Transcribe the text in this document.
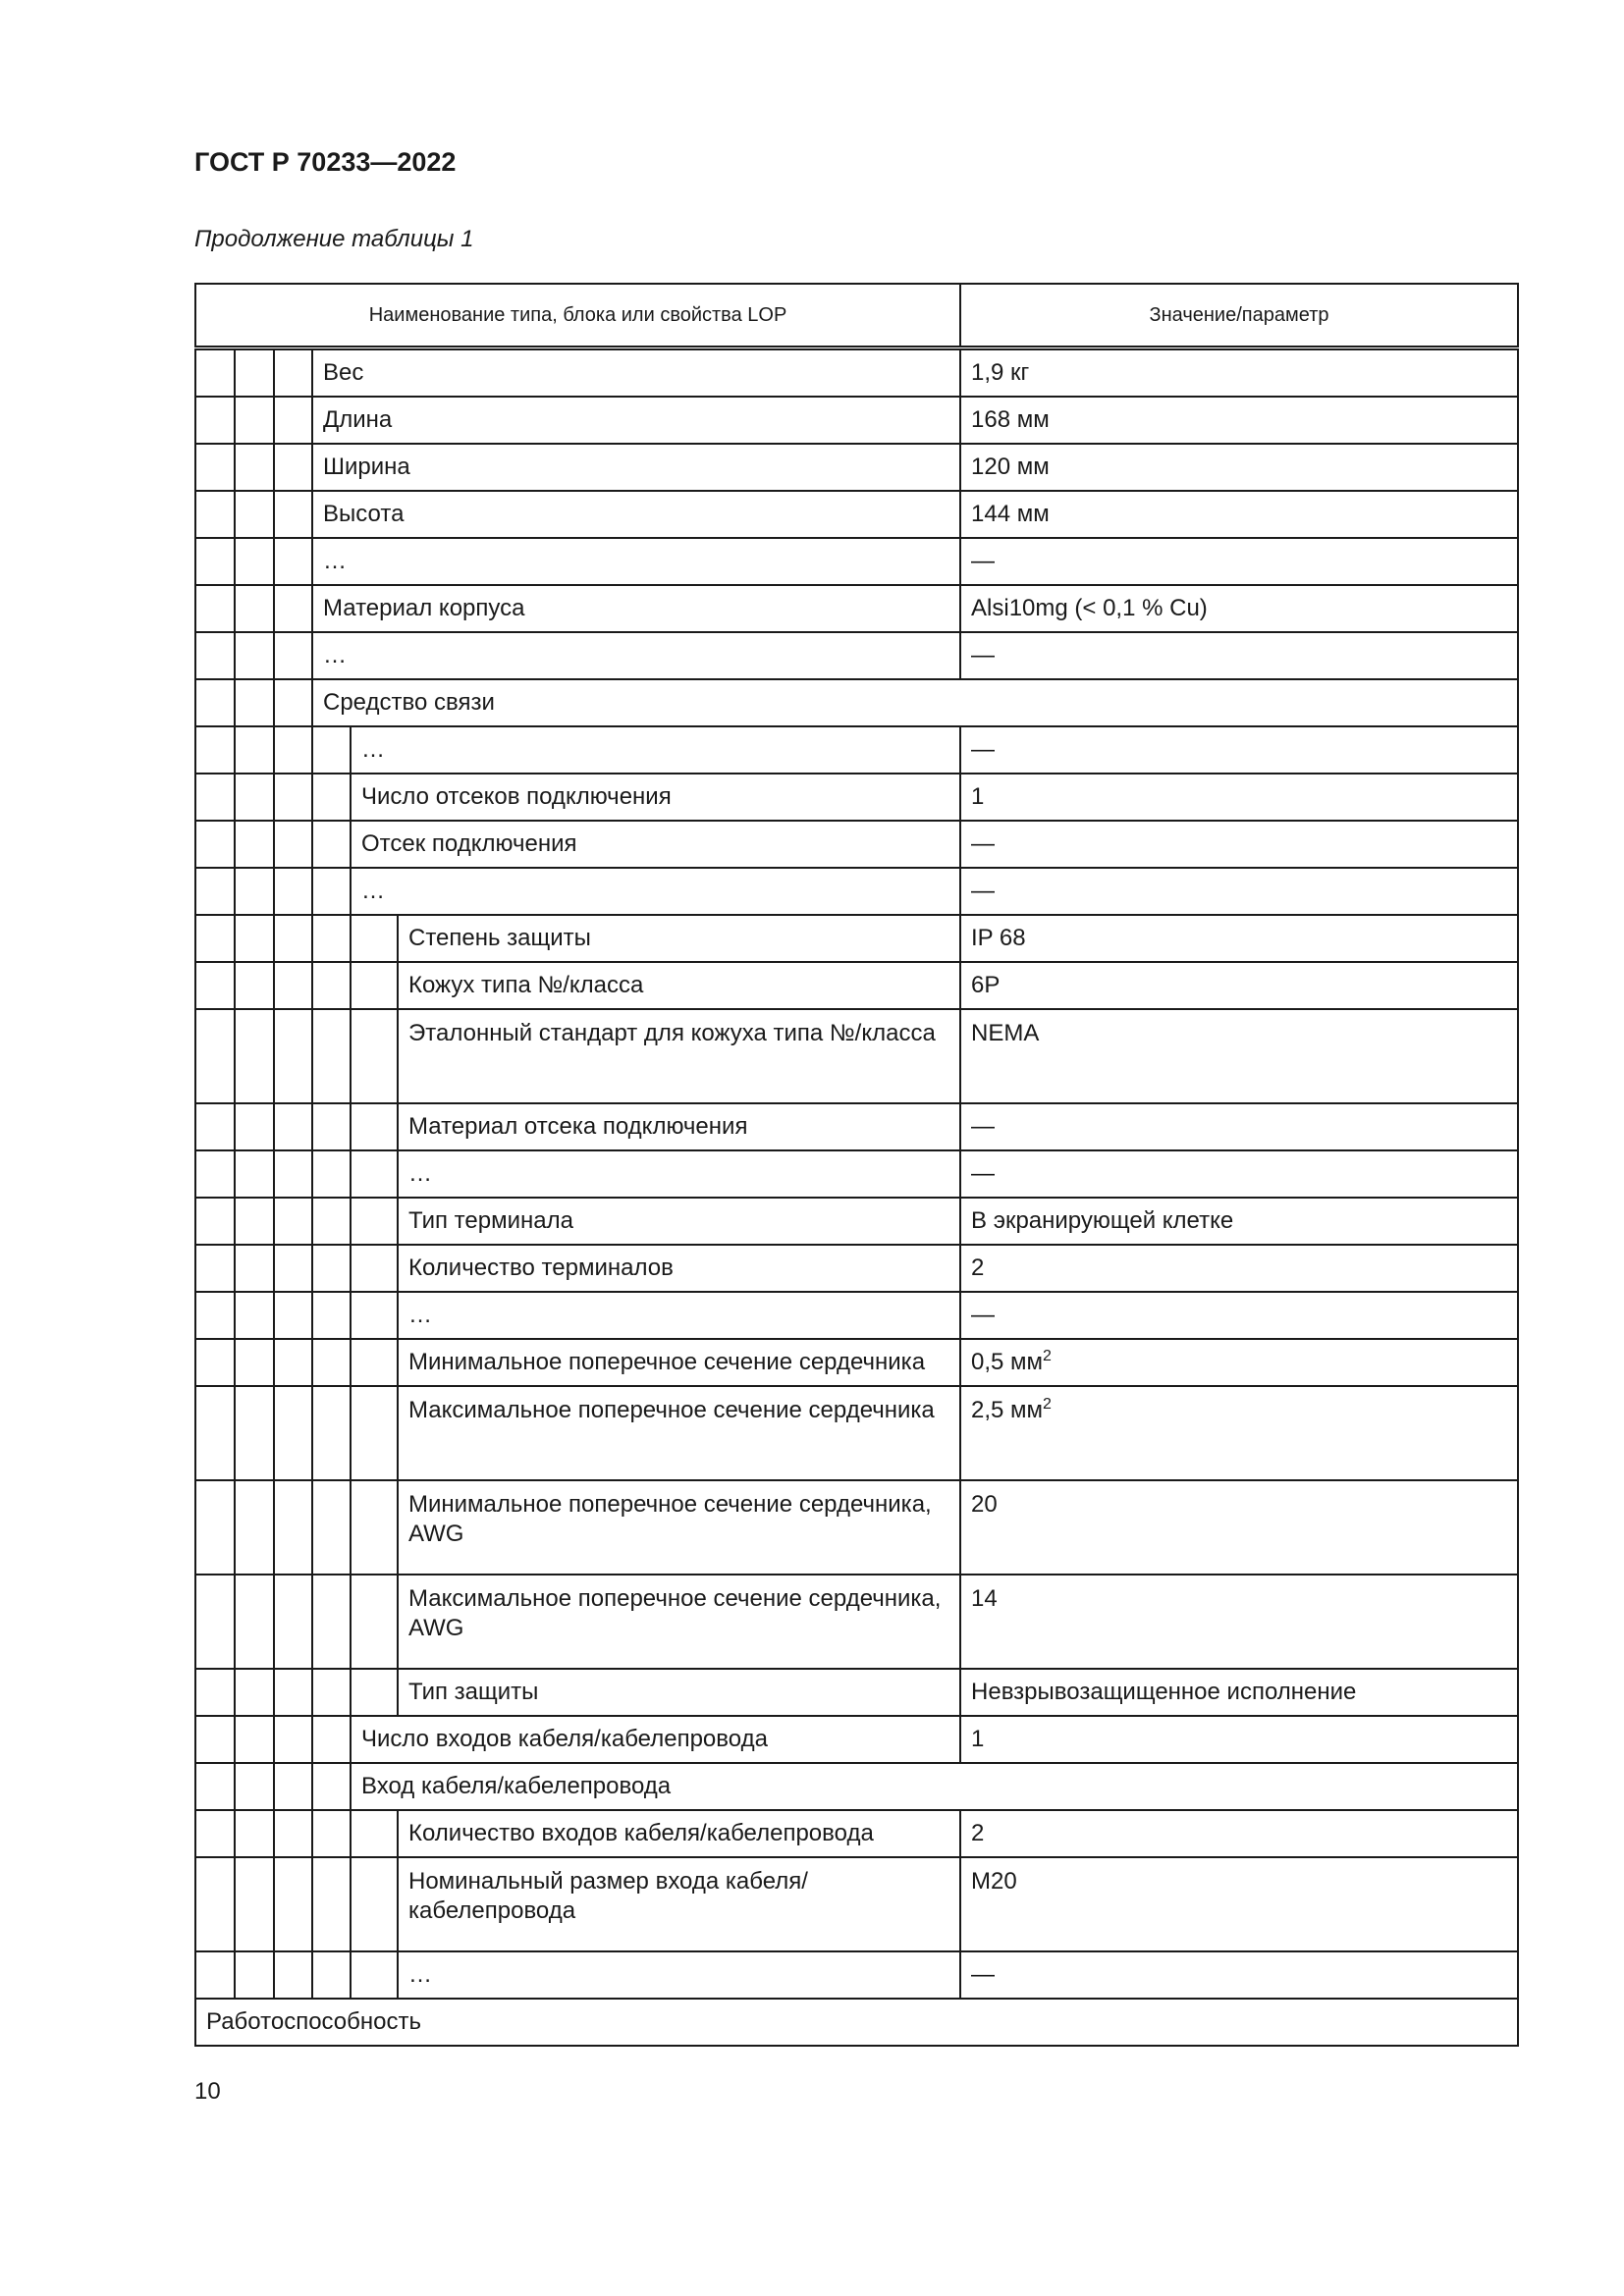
ГОСТ Р 70233—2022
Продолжение таблицы 1
Наименование типа, блока или свойства LOP						Значение/параметр
			Вес			1,9 кг
			Длина			168 мм
			Ширина			120 мм
			Высота			144 мм
			…			—
			Материал корпуса			Alsi10mg (< 0,1 % Cu)
			…			—
			Средство связи			
				…		—
				Число отсеков подключения		1
				Отсек подключения		—
				…		—
					Степень защиты	IP 68
					Кожух типа №/класса	6P
					Эталонный стандарт для кожуха типа №/класса	NEMA
					Материал отсека подключения	—
					…	—
					Тип терминала	В экранирующей клетке
					Количество терминалов	2
					…	—
					Минимальное поперечное сечение сердечника	0,5 $мм^2$
					Максимальное поперечное сечение сердечника	2,5 $мм^2$
					Минимальное поперечное сечение сердечника, AWG	20
					Максимальное поперечное сечение сердечника, AWG	14
					Тип защиты	Невзрывозащищенное исполнение
				Число входов кабеля/кабелепровода		1
				Вход кабеля/кабелепровода		
					Количество входов кабеля/кабелепровода	2
					Номинальный размер входа кабеля/ кабелепровода	M20
					…	—
Работоспособность						
10
